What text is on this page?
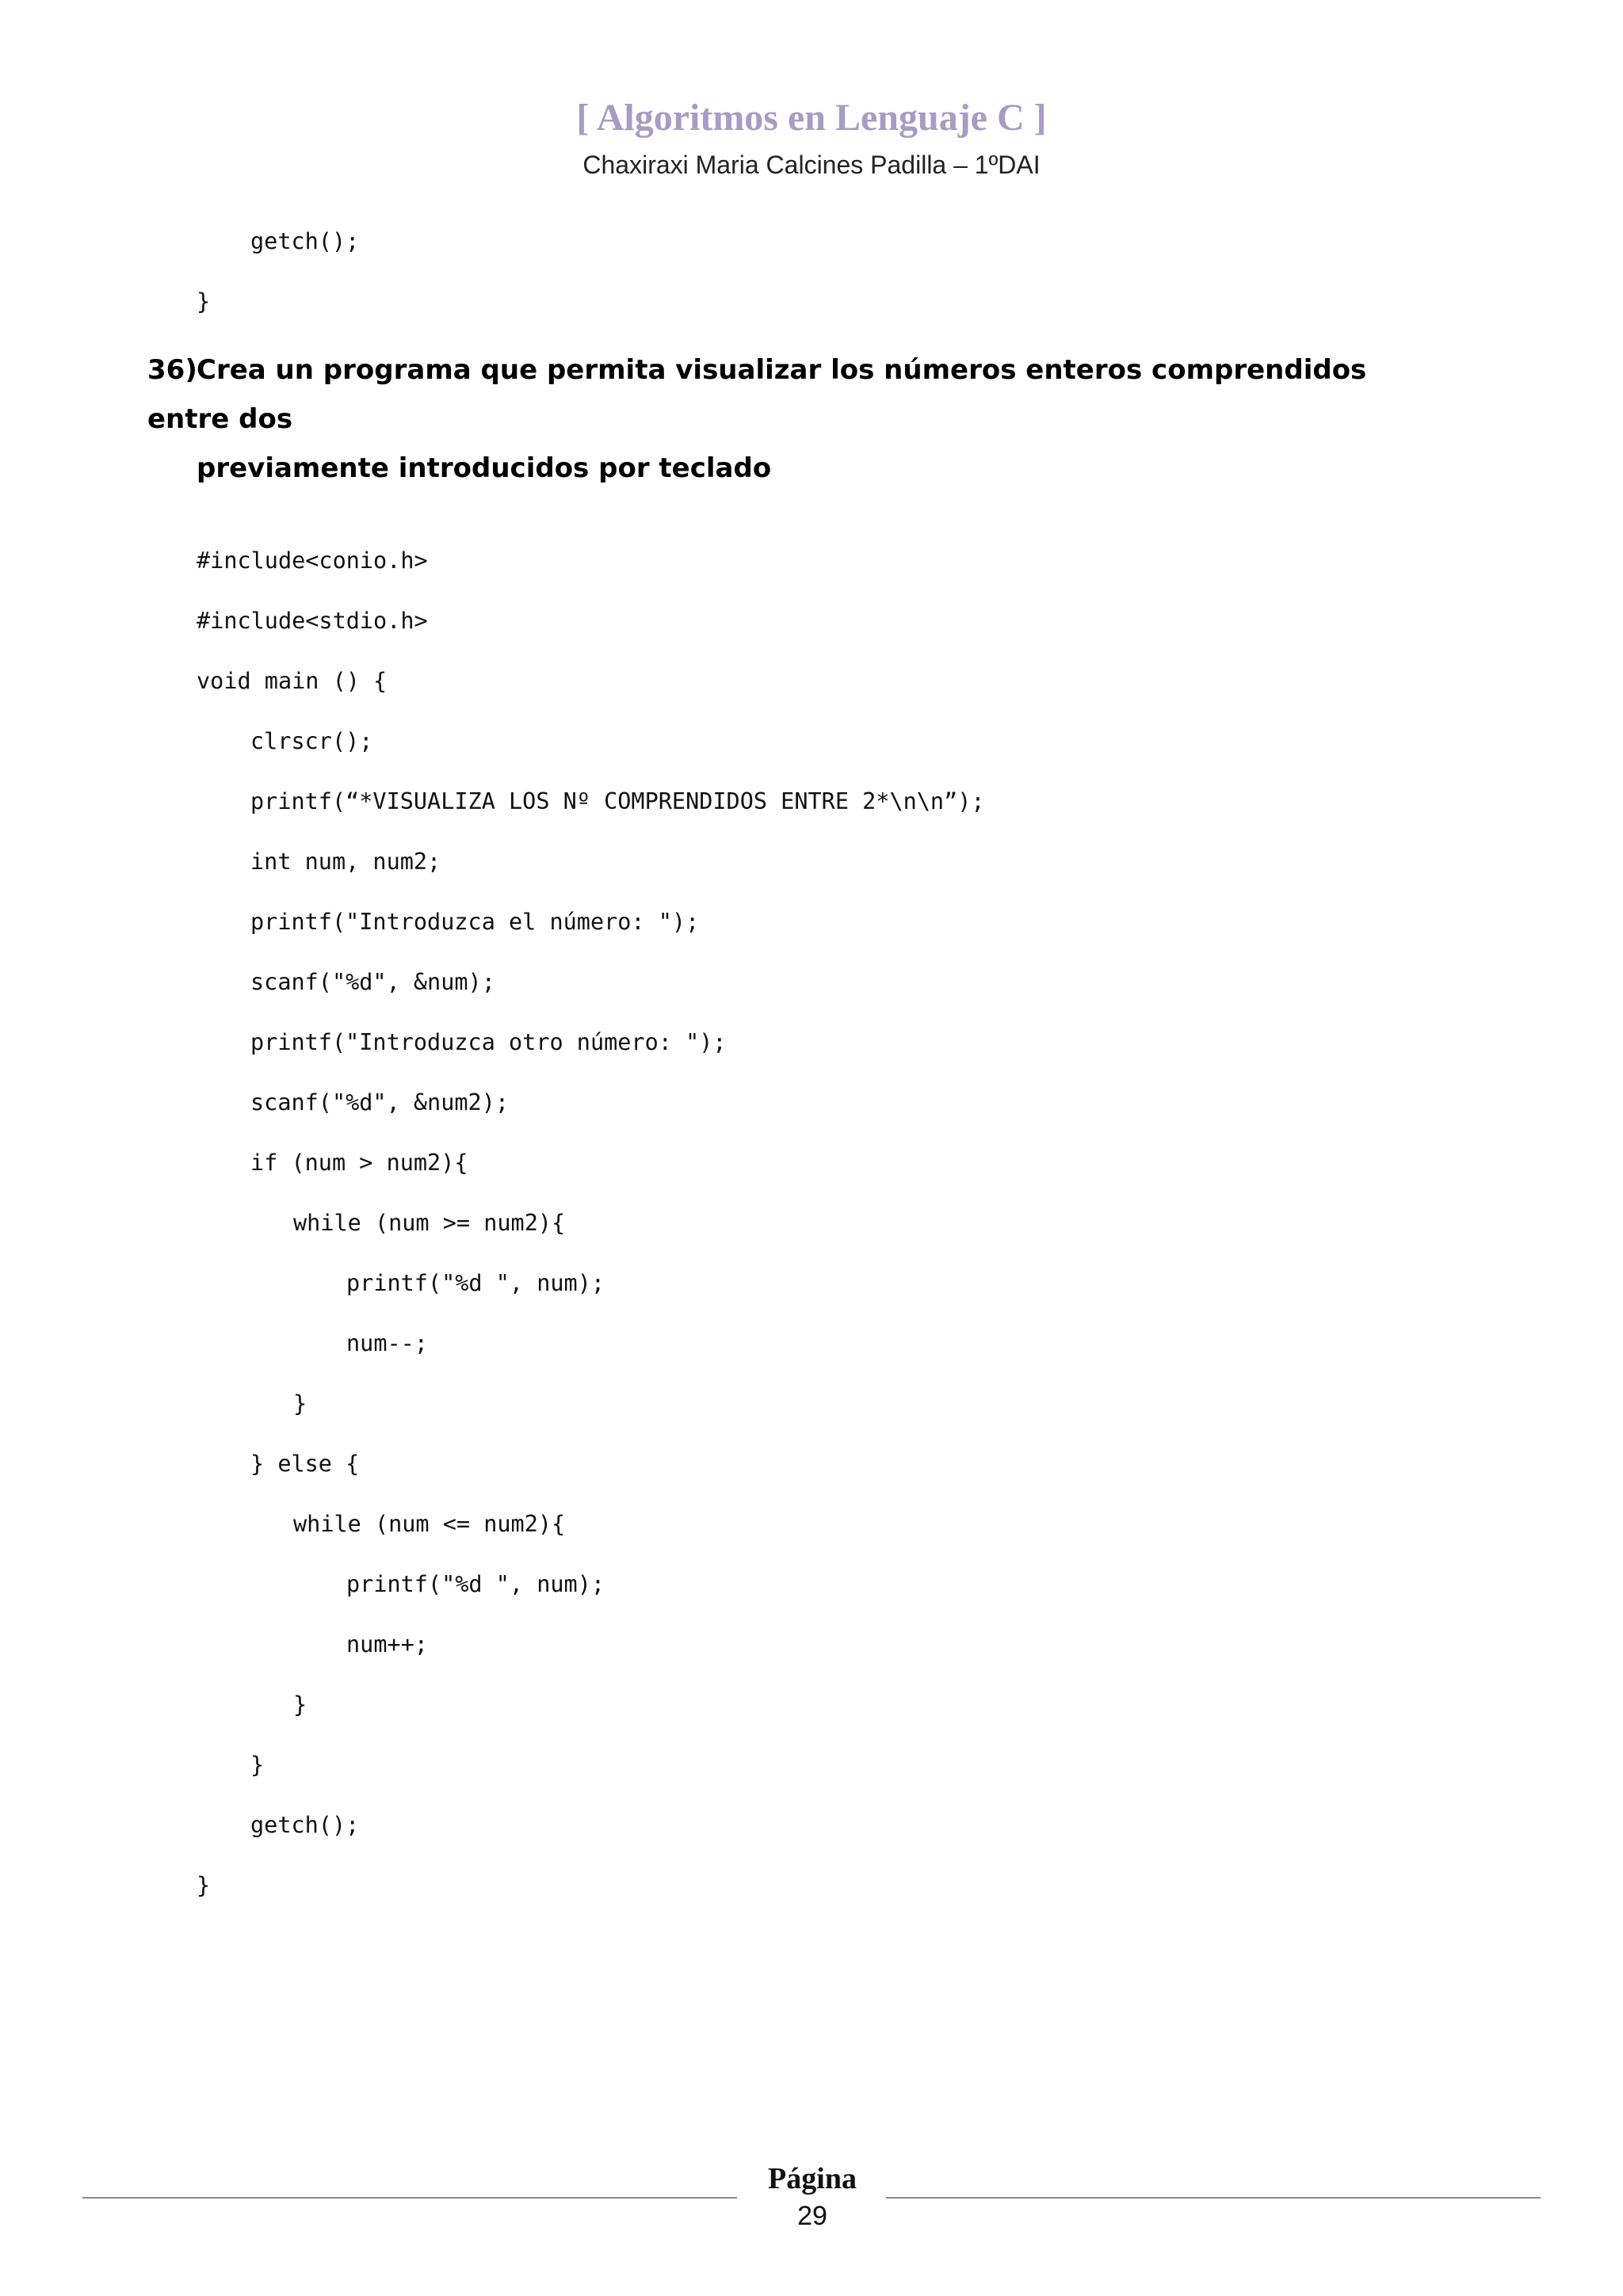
[ Algoritmos en Lenguaje C ]
Chaxiraxi Maria Calcines Padilla – 1ºDAI
getch();
}
36)Crea un programa que permita visualizar los números enteros comprendidos entre dos
previamente introducidos por teclado
#include<conio.h>
#include<stdio.h>
void main () {
clrscr();
printf(“*VISUALIZA LOS Nº COMPRENDIDOS ENTRE 2*\n\n”);
int num, num2;
printf("Introduzca el número: ");
scanf("%d", &num);
printf("Introduzca otro número: ");
scanf("%d", &num2);
if (num > num2){
while (num >= num2){
printf("%d ", num);
num--;
}
} else {
while (num <= num2){
printf("%d ", num);
num++;
}
}
getch();
}
Página
29
